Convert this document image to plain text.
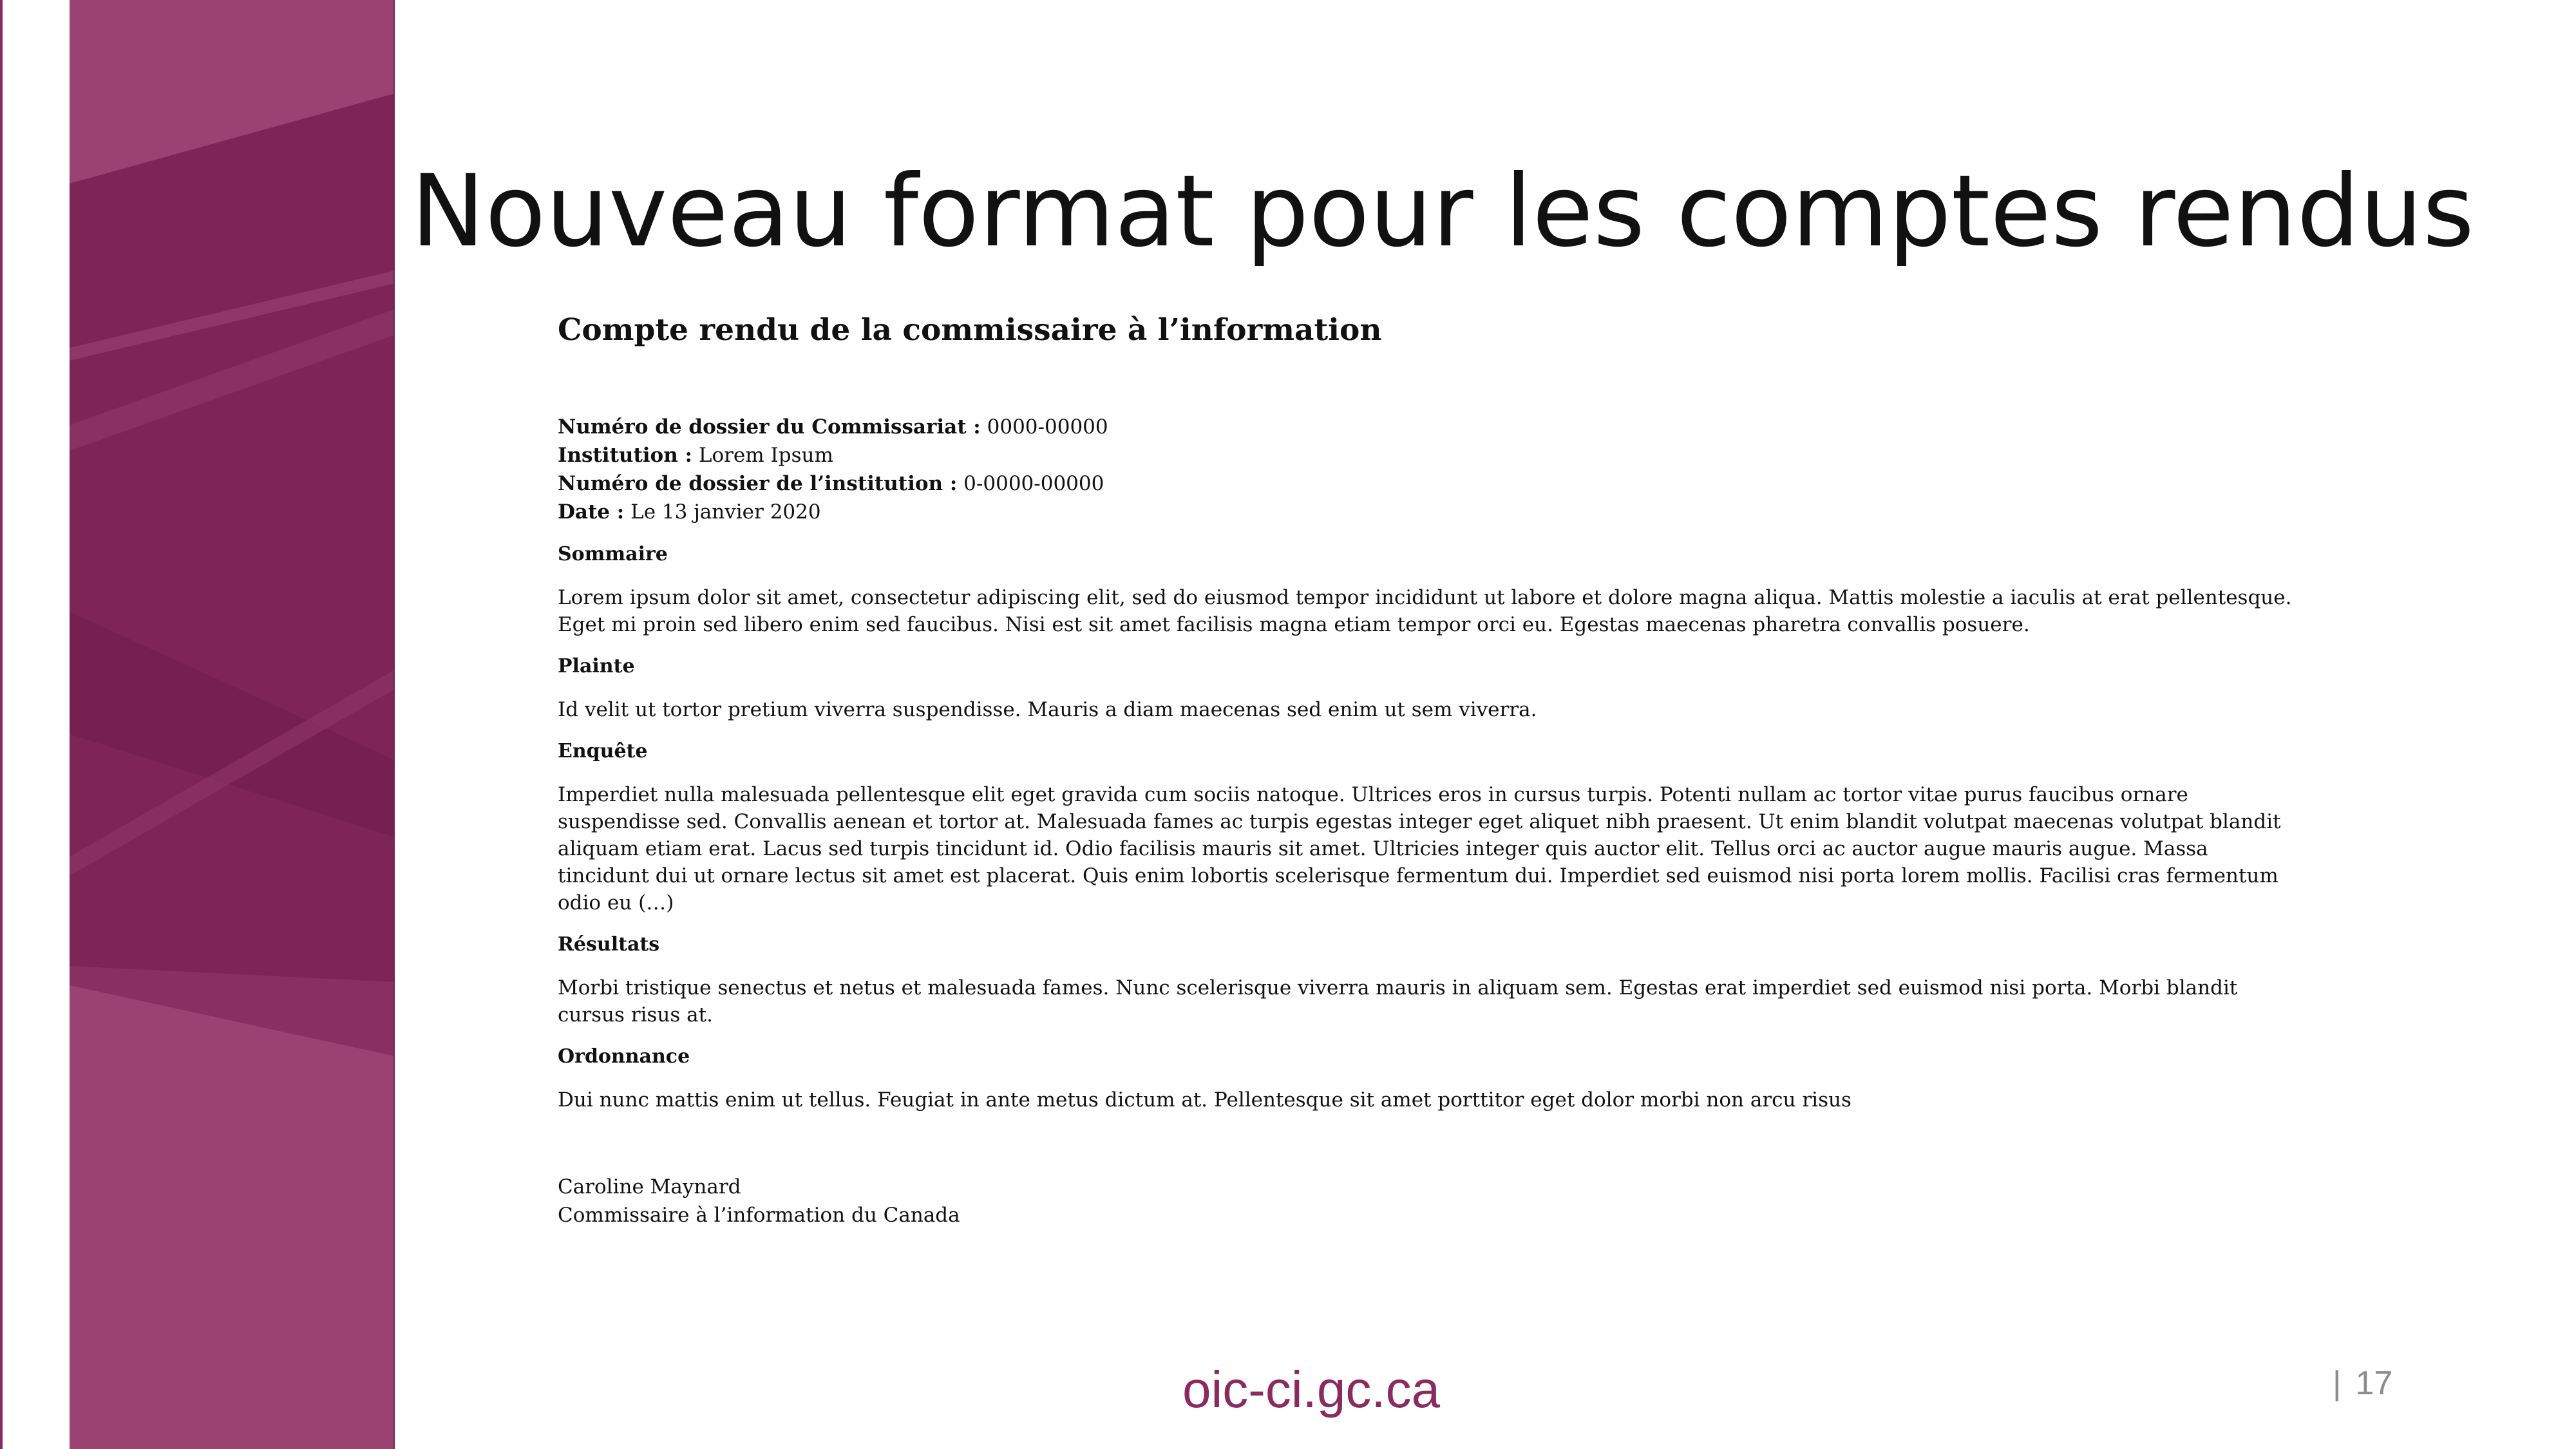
Nouveau format pour les comptes rendus
Compte rendu de la commissaire à l’information
Numéro de dossier du Commissariat : 0000-00000
Institution : Lorem Ipsum
Numéro de dossier de l’institution : 0-0000-00000
Date : Le 13 janvier 2020
Sommaire

Lorem ipsum dolor sit amet, consectetur adipiscing elit, sed do eiusmod tempor incididunt ut labore et dolore magna aliqua. Mattis molestie a iaculis at erat pellentesque. Eget mi proin sed libero enim sed faucibus. Nisi est sit amet facilisis magna etiam tempor orci eu. Egestas maecenas pharetra convallis posuere.

Plainte

Id velit ut tortor pretium viverra suspendisse. Mauris a diam maecenas sed enim ut sem viverra.

Enquête

Imperdiet nulla malesuada pellentesque elit eget gravida cum sociis natoque. Ultrices eros in cursus turpis. Potenti nullam ac tortor vitae purus faucibus ornare suspendisse sed. Convallis aenean et tortor at. Malesuada fames ac turpis egestas integer eget aliquet nibh praesent. Ut enim blandit volutpat maecenas volutpat blandit aliquam etiam erat. Lacus sed turpis tincidunt id. Odio facilisis mauris sit amet. Ultricies integer quis auctor elit. Tellus orci ac auctor augue mauris augue. Massa tincidunt dui ut ornare lectus sit amet est placerat. Quis enim lobortis scelerisque fermentum dui. Imperdiet sed euismod nisi porta lorem mollis. Facilisi cras fermentum odio eu (…)

Résultats

Morbi tristique senectus et netus et malesuada fames. Nunc scelerisque viverra mauris in aliquam sem. Egestas erat imperdiet sed euismod nisi porta. Morbi blandit cursus risus at.

Ordonnance

Dui nunc mattis enim ut tellus. Feugiat in ante metus dictum at. Pellentesque sit amet porttitor eget dolor morbi non arcu risus

Caroline Maynard
Commissaire à l’information du Canada
oic-ci.gc.ca	| 17
